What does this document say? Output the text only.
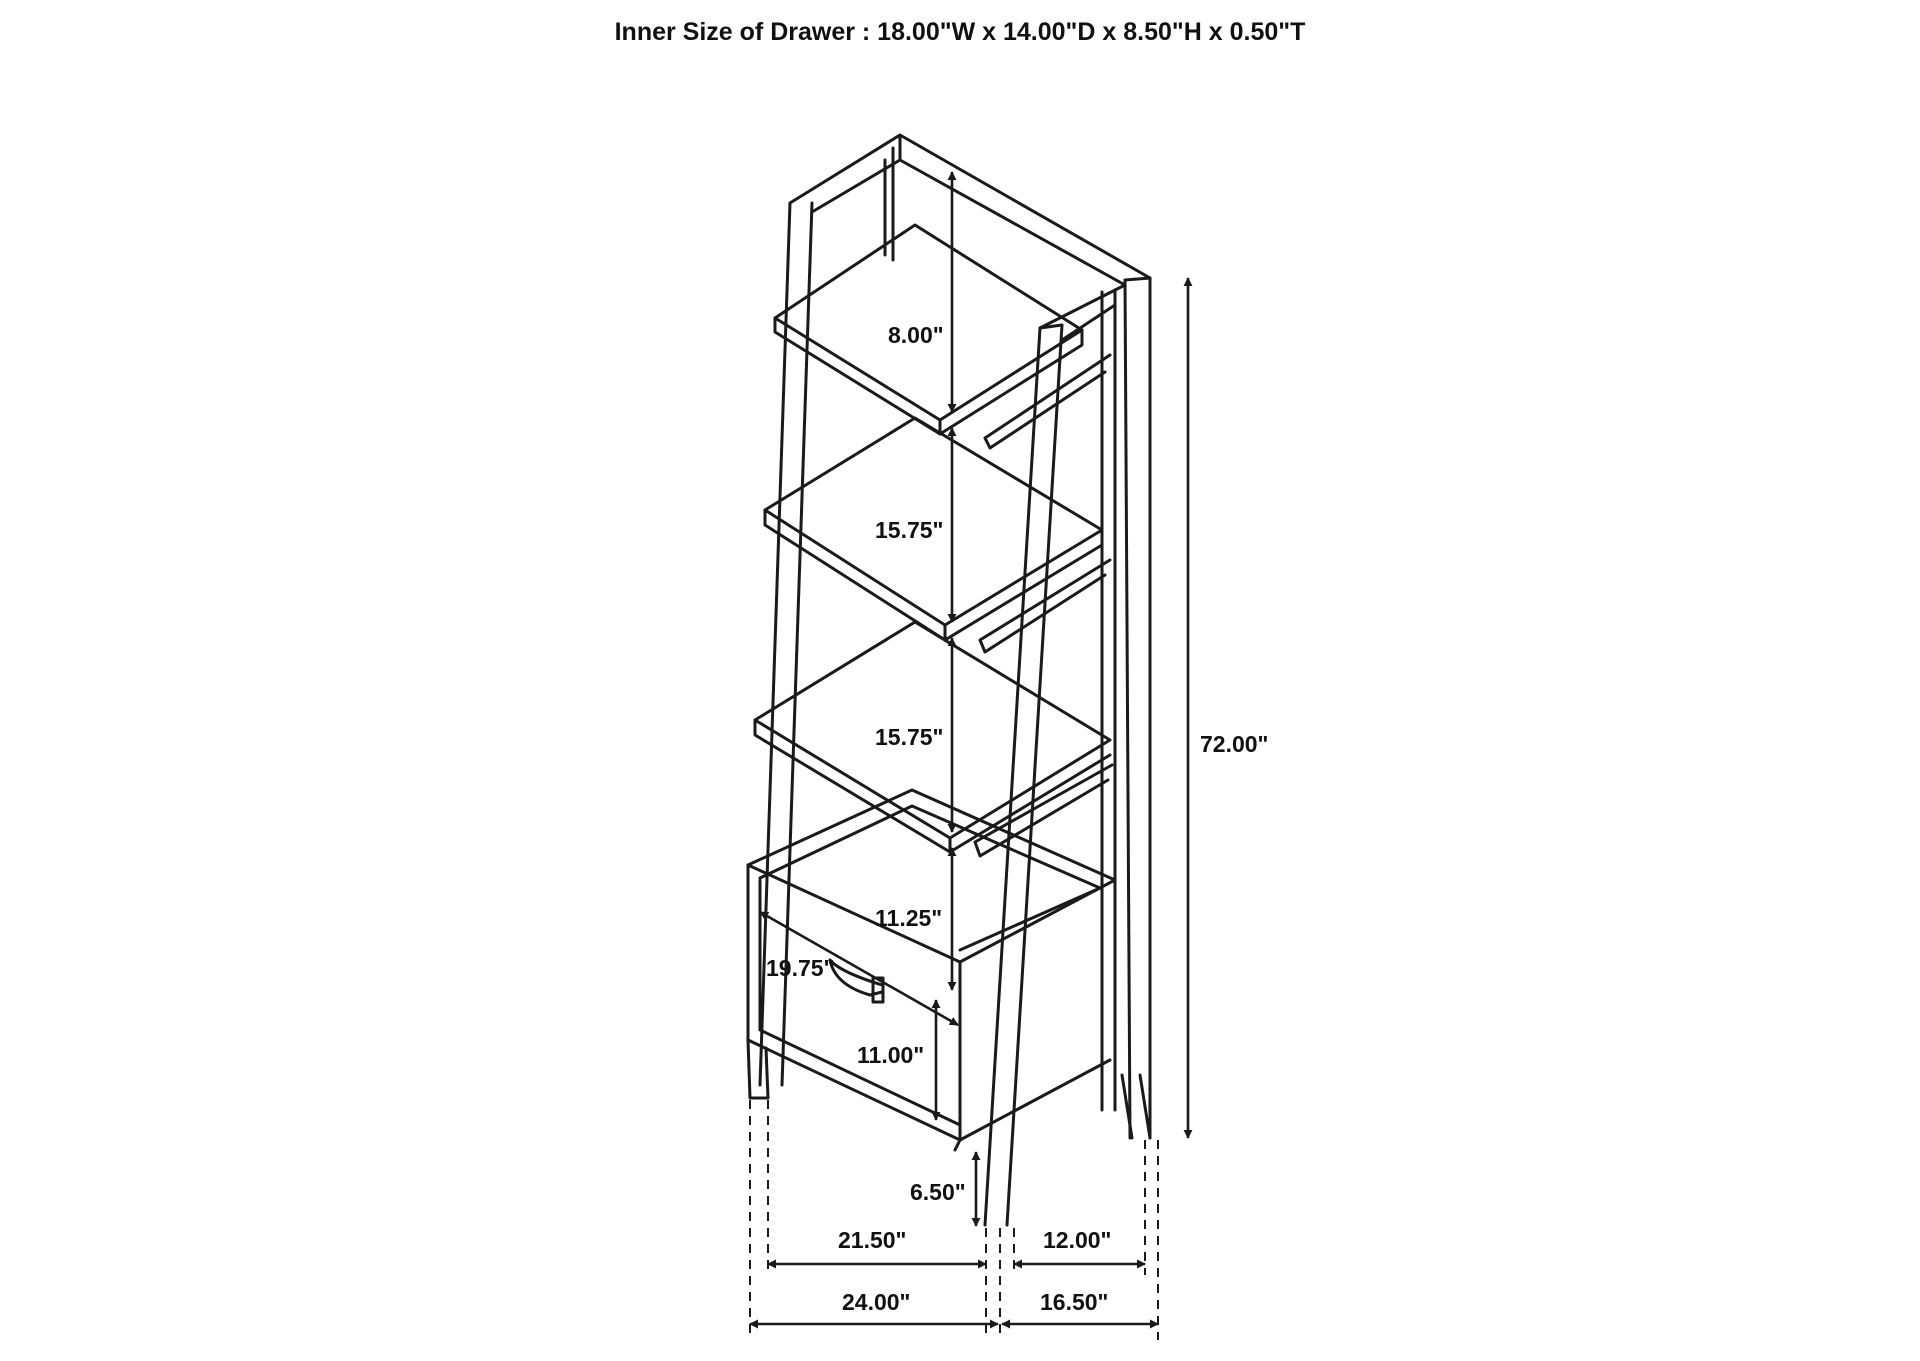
Inner Size of Drawer : 18.00"W x 14.00"D x 8.50"H x 0.50"T
8.00"
15.75"
15.75"
11.25"
19.75"
11.00"
6.50"
72.00"
21.50"	12.00"
24.00"	16.50"
